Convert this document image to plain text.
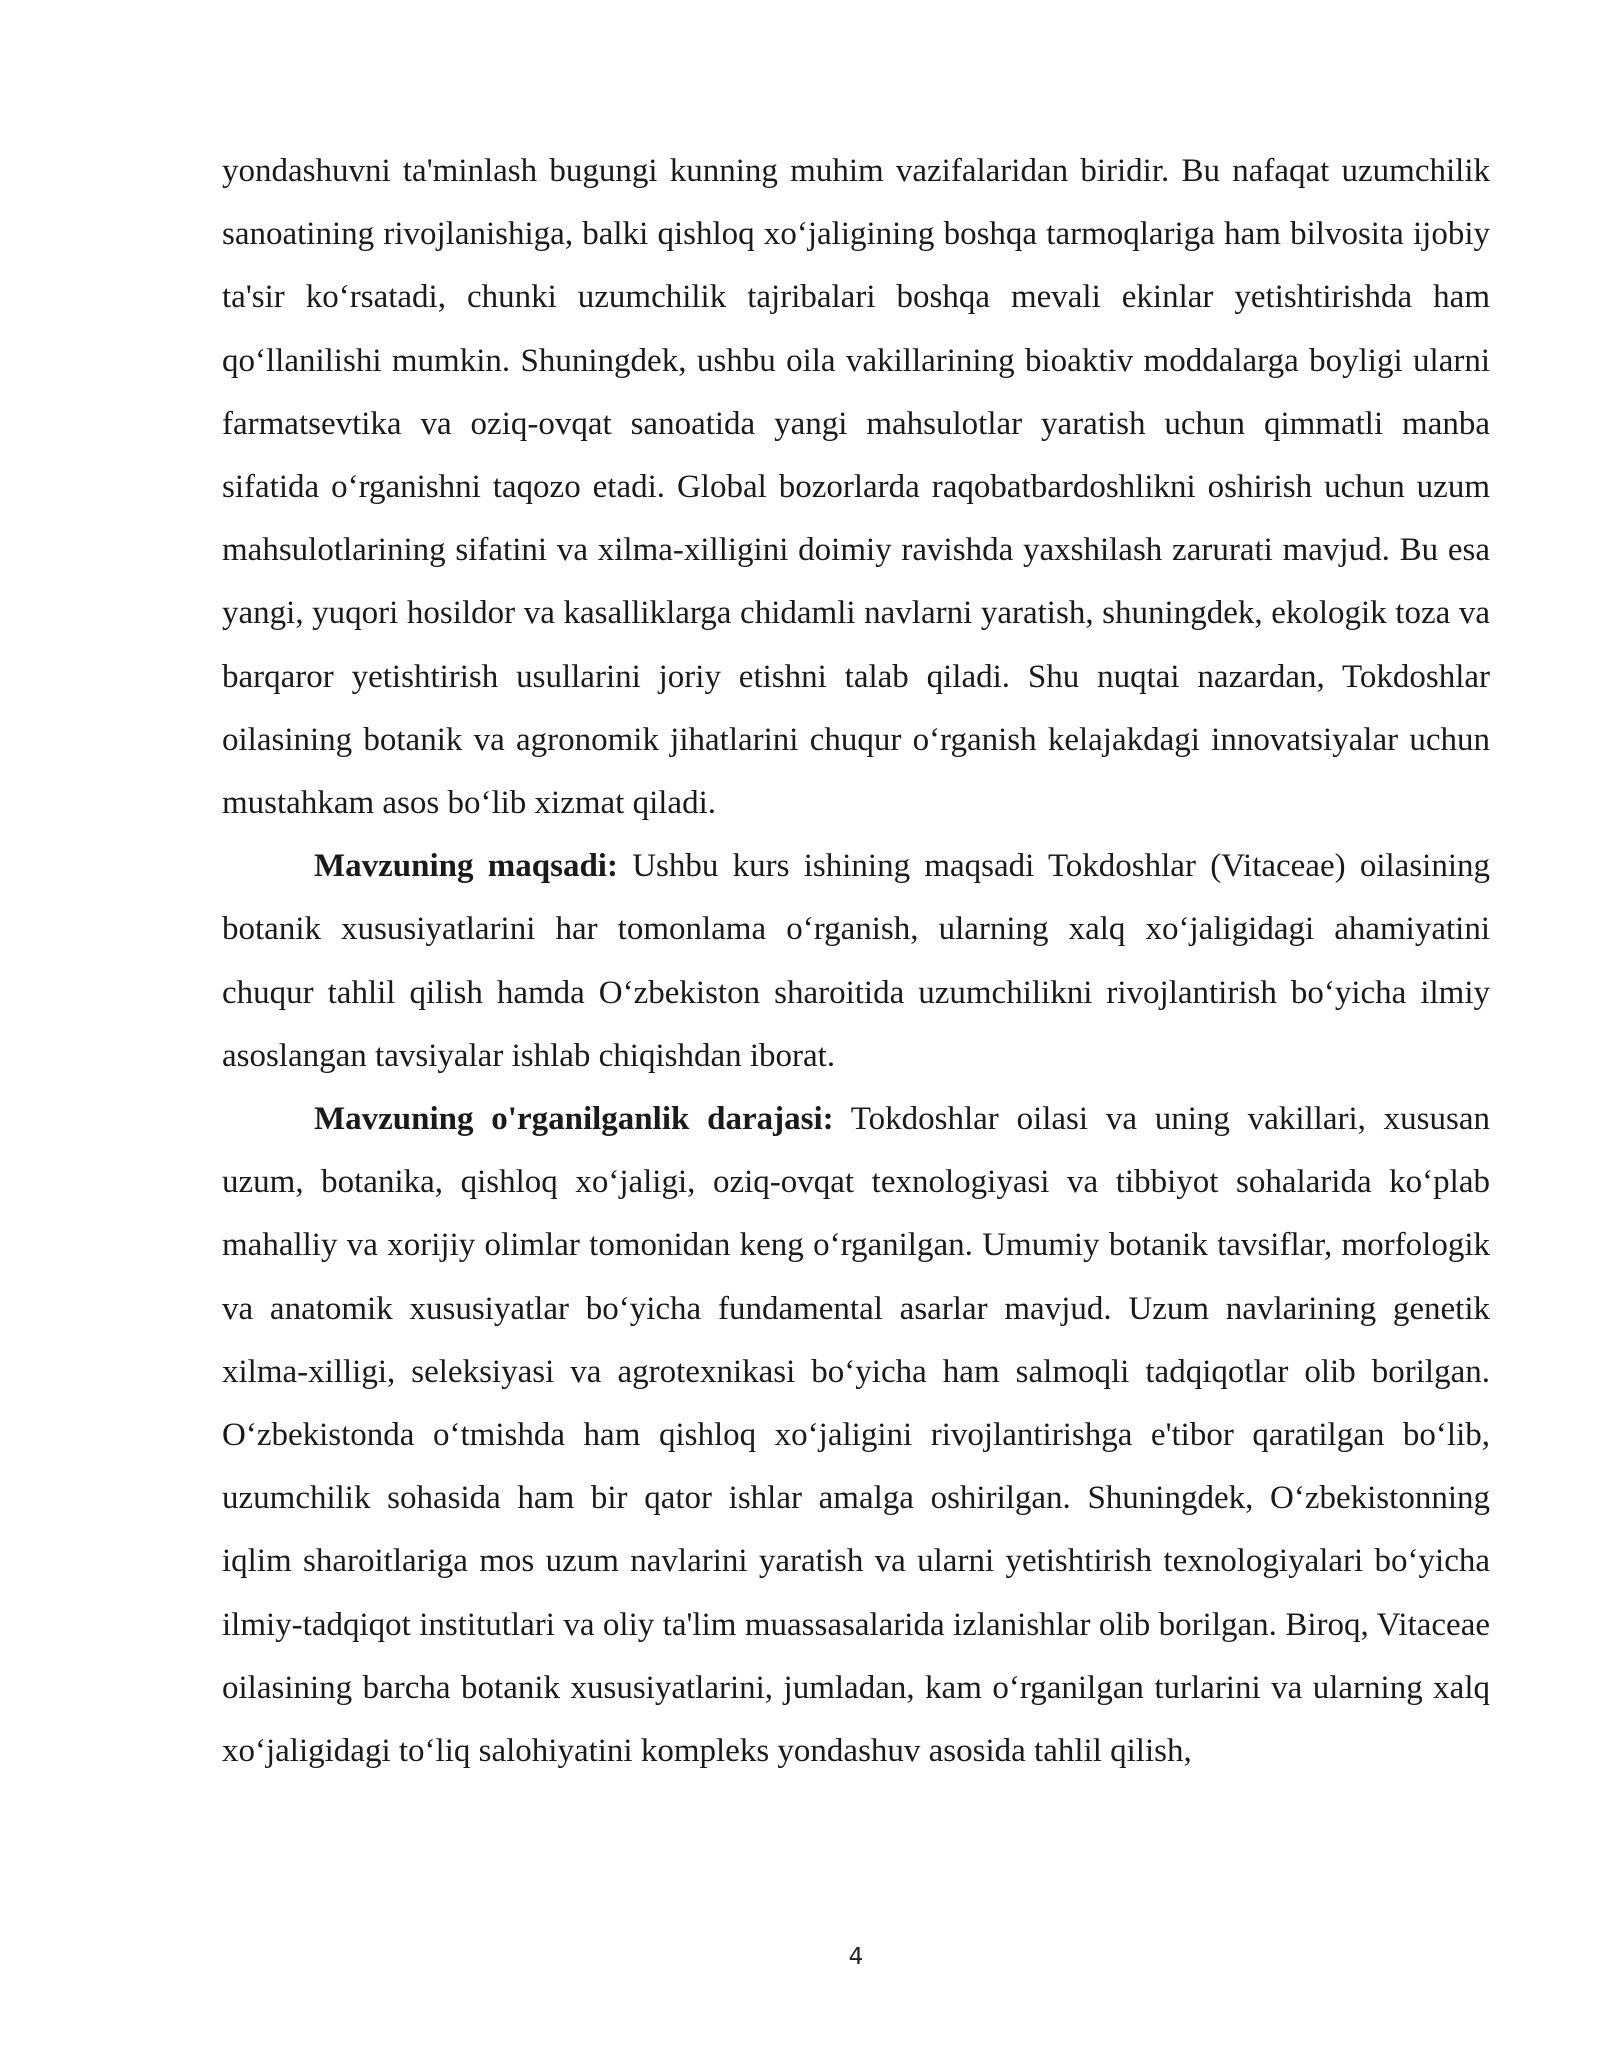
yondashuvni ta'minlash bugungi kunning muhim vazifalaridan biridir. Bu nafaqat uzumchilik sanoatining rivojlanishiga, balki qishloq xo‘jaligining boshqa tarmoqlariga ham bilvosita ijobiy ta'sir ko‘rsatadi, chunki uzumchilik tajribalari boshqa mevali ekinlar yetishtirishda ham qo‘llanilishi mumkin. Shuningdek, ushbu oila vakillarining bioaktiv moddalarga boyligi ularni farmatsevtika va oziq-ovqat sanoatida yangi mahsulotlar yaratish uchun qimmatli manba sifatida o‘rganishni taqozo etadi. Global bozorlarda raqobatbardoshlikni oshirish uchun uzum mahsulotlarining sifatini va xilma-xilligini doimiy ravishda yaxshilash zarurati mavjud. Bu esa yangi, yuqori hosildor va kasalliklarga chidamli navlarni yaratish, shuningdek, ekologik toza va barqaror yetishtirish usullarini joriy etishni talab qiladi. Shu nuqtai nazardan, Tokdoshlar oilasining botanik va agronomik jihatlarini chuqur o‘rganish kelajakdagi innovatsiyalar uchun mustahkam asos bo‘lib xizmat qiladi.

Mavzuning maqsadi: Ushbu kurs ishining maqsadi Tokdoshlar (Vitaceae) oilasining botanik xususiyatlarini har tomonlama o‘rganish, ularning xalq xo‘jaligidagi ahamiyatini chuqur tahlil qilish hamda O‘zbekiston sharoitida uzumchilikni rivojlantirish bo‘yicha ilmiy asoslangan tavsiyalar ishlab chiqishdan iborat.

Mavzuning o'rganilganlik darajasi: Tokdoshlar oilasi va uning vakillari, xususan uzum, botanika, qishloq xo‘jaligi, oziq-ovqat texnologiyasi va tibbiyot sohalarida ko‘plab mahalliy va xorijiy olimlar tomonidan keng o‘rganilgan. Umumiy botanik tavsiflar, morfologik va anatomik xususiyatlar bo‘yicha fundamental asarlar mavjud. Uzum navlarining genetik xilma-xilligi, seleksiyasi va agrotexnikasi bo‘yicha ham salmoqli tadqiqotlar olib borilgan. O‘zbekistonda o‘tmishda ham qishloq xo‘jaligini rivojlantirishga e'tibor qaratilgan bo‘lib, uzumchilik sohasida ham bir qator ishlar amalga oshirilgan. Shuningdek, O‘zbekistonning iqlim sharoitlariga mos uzum navlarini yaratish va ularni yetishtirish texnologiyalari bo‘yicha ilmiy-tadqiqot institutlari va oliy ta'lim muassasalarida izlanishlar olib borilgan. Biroq, Vitaceae oilasining barcha botanik xususiyatlarini, jumladan, kam o‘rganilgan turlarini va ularning xalq xo‘jaligidagi to‘liq salohiyatini kompleks yondashuv asosida tahlil qilish,

4
